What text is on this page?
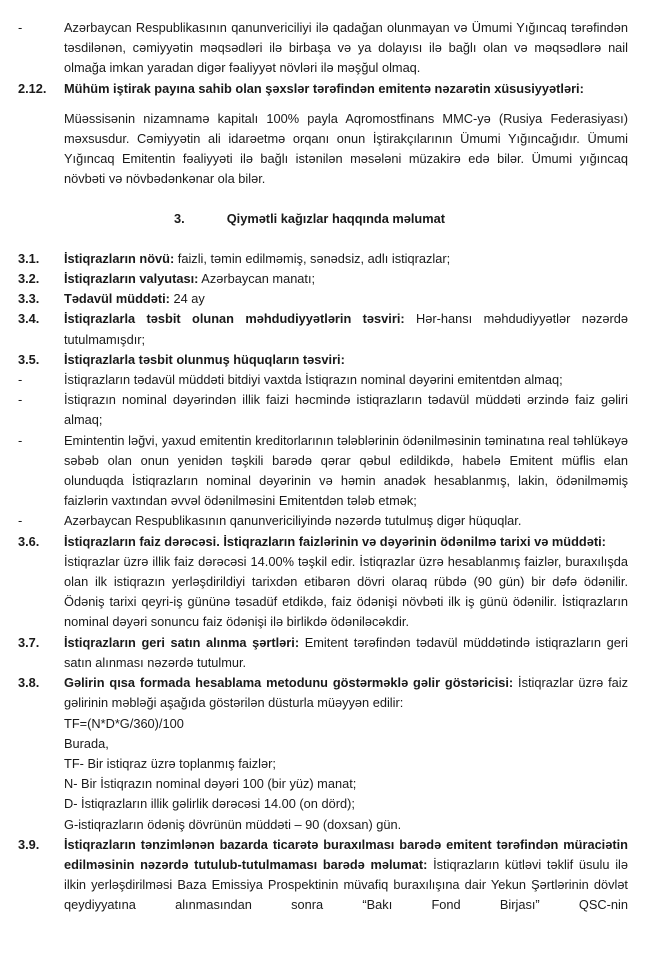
-	Azərbaycan Respublikasının qanunvericiliyi ilə qadağan olunmayan və Ümumi Yığıncaq tərəfindən təsdilənən, cəmiyyətin məqsədləri ilə birbaşa və ya dolayısı ilə bağlı olan və məqsədlərə nail olmağa imkan yaradan digər fəaliyyət növləri ilə məşğul olmaq.

2.12.	Mühüm iştirak payına sahib olan şəxslər tərəfindən emitentə nəzarətin xüsusiyyətləri:

Müəssisənin nizamnamə kapitalı 100% payla Aqromostfinans MMC-yə (Rusiya Federasiyası) məxsusdur. Cəmiyyətin ali idarəetmə orqanı onun İştirakçılarının Ümumi Yığıncağıdır. Ümumi Yığıncaq Emitentin fəaliyyəti ilə bağlı istənilən məsələni müzakirə edə bilər. Ümumi yığıncaq növbəti və növbədənkənar ola bilər.

3.	Qiymətli kağızlar haqqında məlumat
3.1.	İstiqrazların növü: faizli, təmin edilməmiş, sənədsiz, adlı istiqrazlar;

3.2.	İstiqrazların valyutası: Azərbaycan manatı;

3.3.	Tədavül müddəti: 24 ay

3.4.	İstiqrazlarla təsbit olunan məhdudiyyətlərin təsviri: Hər-hansı məhdudiyyətlər nəzərdə tutulmamışdır;

3.5.	İstiqrazlarla təsbit olunmuş hüquqların təsviri:

-	İstiqrazların tədavül müddəti bitdiyi vaxtda İstiqrazın nominal dəyərini emitentdən almaq;

-	İstiqrazın nominal dəyərindən illik faizi həcmində istiqrazların tədavül müddəti ərzində faiz gəliri almaq;

-	Emintentin ləğvi, yaxud emitentin kreditorlarının tələblərinin ödənilməsinin təminatına real təhlükəyə səbəb olan onun yenidən təşkili barədə qərar qəbul edildikdə, habelə Emitent müflis elan olunduqda İstiqrazların nominal dəyərinin və həmin anadək hesablanmış, lakin, ödənilməmiş faizlərin vaxtından əvvəl ödənilməsini Emitentdən tələb etmək;

-	Azərbaycan Respublikasının qanunvericiliyində nəzərdə tutulmuş digər hüquqlar.

3.6.	İstiqrazların faiz dərəcəsi. İstiqrazların faizlərinin və dəyərinin ödənilmə tarixi və müddəti:

İstiqrazlar üzrə illik faiz dərəcəsi 14.00% təşkil edir. İstiqrazlar üzrə hesablanmış faizlər, buraxılışda olan ilk istiqrazın yerləşdirildiyi tarixdən etibarən dövri olaraq rübdə (90 gün) bir dəfə ödənilir. Ödəniş tarixi qeyri-iş gününə təsadüf etdikdə, faiz ödənişi növbəti ilk iş günü ödənilir. İstiqrazların nominal dəyəri sonuncu faiz ödənişi ilə birlikdə ödəniləcəkdir.

3.7.	İstiqrazların geri satın alınma şərtləri: Emitent tərəfindən tədavül müddətində istiqrazların geri satın alınması nəzərdə tutulmur.

3.8.	Gəlirin qısa formada hesablama metodunu göstərməklə gəlir göstəricisi: İstiqrazlar üzrə faiz gəlirinin məbləği aşağıda göstərilən düsturla müəyyən edilir:

TF=(N*D*G/360)/100

Burada,

TF- Bir istiqraz üzrə toplanmış faizlər;

N- Bir İstiqrazın nominal dəyəri 100 (bir yüz) manat;

D- İstiqrazların illik gəlirlik dərəcəsi 14.00 (on dörd);

G-istiqrazların ödəniş dövrünün müddəti – 90 (doxsan) gün.

3.9.	İstiqrazların tənzimlənən bazarda ticarətə buraxılması barədə emitent tərəfindən müraciətin edilməsinin nəzərdə tutulub-tutulmaması barədə məlumat: İstiqrazların kütləvi təklif üsulu ilə ilkin yerləşdirilməsi Baza Emissiya Prospektinin müvafiq buraxılışına dair Yekun Şərtlərinin dövlət qeydiyyatına alınmasından sonra “Bakı Fond Birjası” QSC-nin
